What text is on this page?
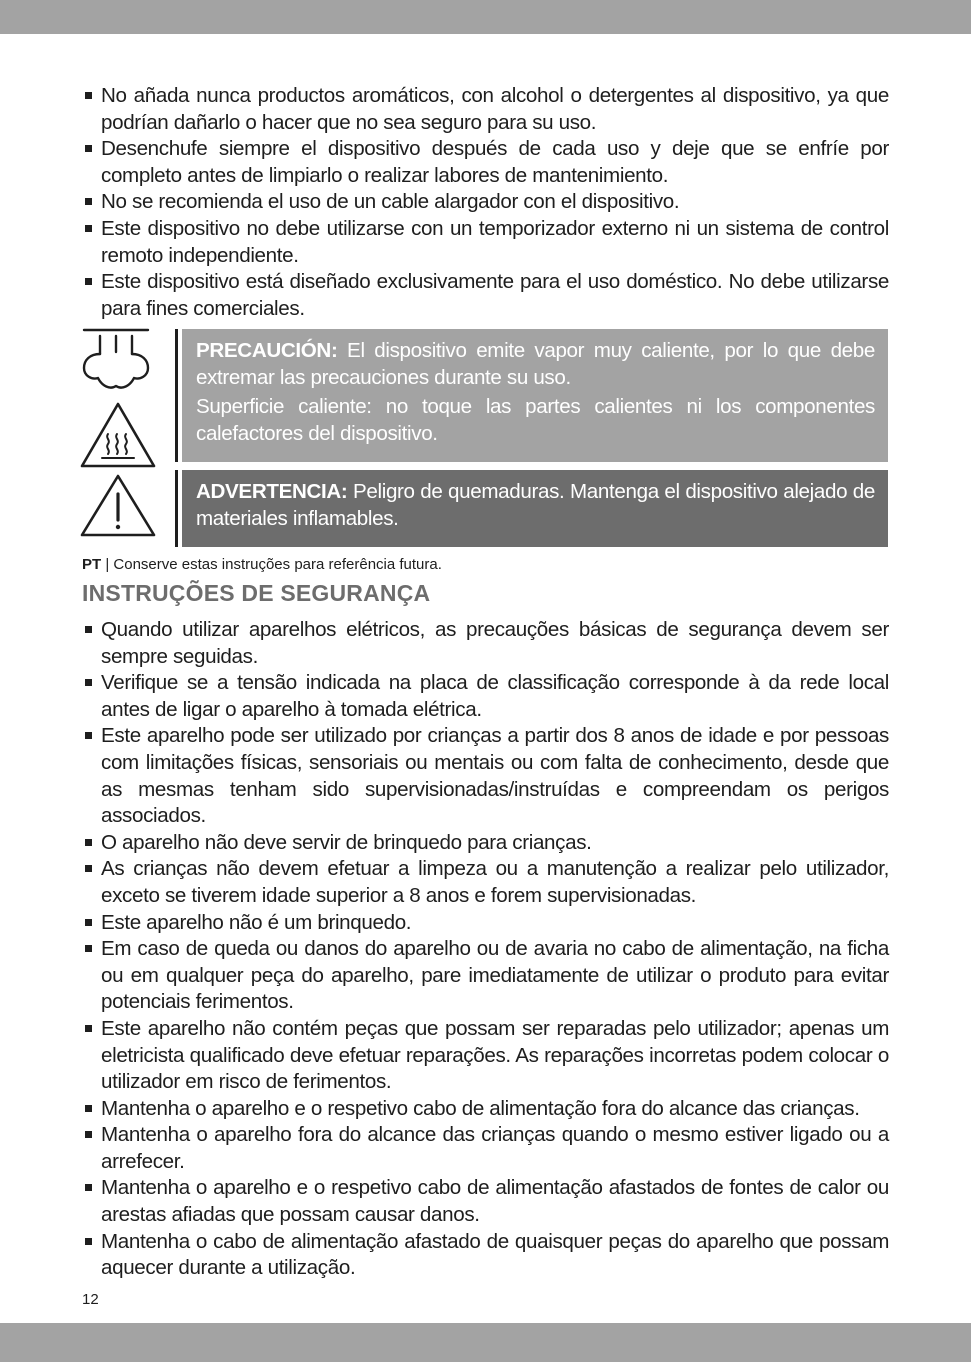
No añada nunca productos aromáticos, con alcohol o detergentes al dispositivo, ya que podrían dañarlo o hacer que no sea seguro para su uso.
Desenchufe siempre el dispositivo después de cada uso y deje que se enfríe por completo antes de limpiarlo o realizar labores de mantenimiento.
No se recomienda el uso de un cable alargador con el dispositivo.
Este dispositivo no debe utilizarse con un temporizador externo ni un sistema de control remoto independiente.
Este dispositivo está diseñado exclusivamente para el uso doméstico. No debe utilizarse para fines comerciales.

PRECAUCIÓN: El dispositivo emite vapor muy caliente, por lo que debe extremar las precauciones durante su uso.

Superficie caliente: no toque las partes calientes ni los componentes calefactores del dispositivo.

ADVERTENCIA: Peligro de quemaduras. Mantenga el dispositivo alejado de materiales inflamables.

PT | Conserve estas instruções para referência futura.
INSTRUÇÕES DE SEGURANÇA
Quando utilizar aparelhos elétricos, as precauções básicas de segurança devem ser sempre seguidas.
Verifique se a tensão indicada na placa de classificação corresponde à da rede local antes de ligar o aparelho à tomada elétrica.
Este aparelho pode ser utilizado por crianças a partir dos 8 anos de idade e por pessoas com limitações físicas, sensoriais ou mentais ou com falta de conhecimento, desde que as mesmas tenham sido supervisionadas/instruídas e compreendam os perigos associados.
O aparelho não deve servir de brinquedo para crianças.
As crianças não devem efetuar a limpeza ou a manutenção a realizar pelo utilizador, exceto se tiverem idade superior a 8 anos e forem supervisionadas.
Este aparelho não é um brinquedo.
Em caso de queda ou danos do aparelho ou de avaria no cabo de alimentação, na ficha ou em qualquer peça do aparelho, pare imediatamente de utilizar o produto para evitar potenciais ferimentos.
Este aparelho não contém peças que possam ser reparadas pelo utilizador; apenas um eletricista qualificado deve efetuar reparações. As reparações incorretas podem colocar o utilizador em risco de ferimentos.
Mantenha o aparelho e o respetivo cabo de alimentação fora do alcance das crianças.
Mantenha o aparelho fora do alcance das crianças quando o mesmo estiver ligado ou a arrefecer.
Mantenha o aparelho e o respetivo cabo de alimentação afastados de fontes de calor ou arestas afiadas que possam causar danos.
Mantenha o cabo de alimentação afastado de quaisquer peças do aparelho que possam aquecer durante a utilização.
12
